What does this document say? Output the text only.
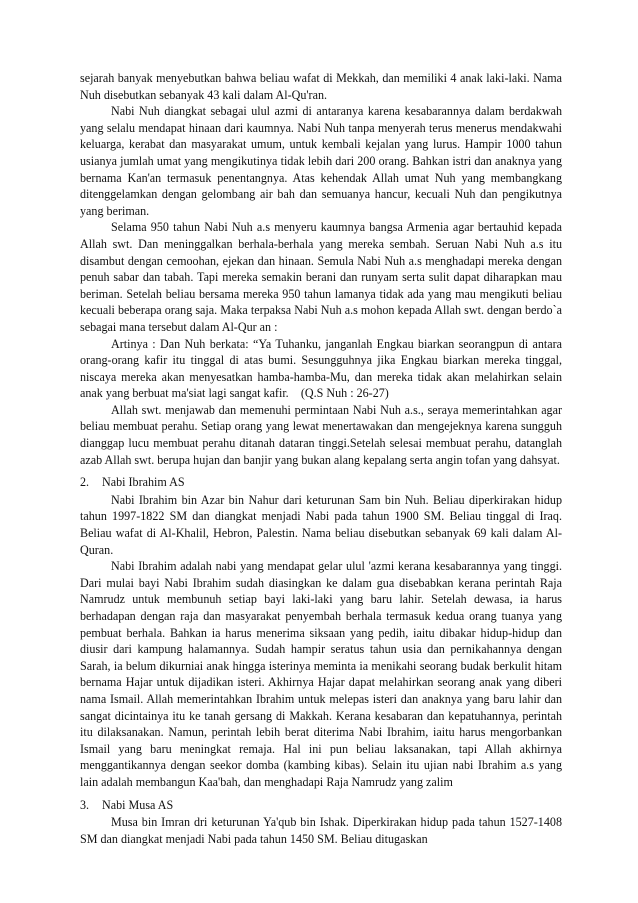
sejarah banyak menyebutkan bahwa beliau wafat di Mekkah, dan memiliki 4 anak laki-laki. Nama Nuh disebutkan sebanyak 43 kali dalam Al-Qu'ran.

Nabi Nuh diangkat sebagai ulul azmi di antaranya karena kesabarannya dalam berdakwah yang selalu mendapat hinaan dari kaumnya. Nabi Nuh tanpa menyerah terus menerus mendakwahi keluarga, kerabat dan masyarakat umum, untuk kembali kejalan yang lurus. Hampir 1000 tahun usianya jumlah umat yang mengikutinya tidak lebih dari 200 orang. Bahkan istri dan anaknya yang bernama Kan'an termasuk penentangnya. Atas kehendak Allah umat Nuh yang membangkang ditenggelamkan dengan gelombang air bah dan semuanya hancur, kecuali Nuh dan pengikutnya yang beriman.

Selama 950 tahun Nabi Nuh a.s menyeru kaumnya bangsa Armenia agar bertauhid kepada Allah swt. Dan meninggalkan berhala-berhala yang mereka sembah. Seruan Nabi Nuh a.s itu disambut dengan cemoohan, ejekan dan hinaan. Semula Nabi Nuh a.s menghadapi mereka dengan penuh sabar dan tabah. Tapi mereka semakin berani dan runyam serta sulit dapat diharapkan mau beriman. Setelah beliau bersama mereka 950 tahun lamanya tidak ada yang mau mengikuti beliau kecuali beberapa orang saja. Maka terpaksa Nabi Nuh a.s mohon kepada Allah swt. dengan berdo`a sebagai mana tersebut dalam Al-Qur an :

Artinya : Dan Nuh berkata: “Ya Tuhanku, janganlah Engkau biarkan seorangpun di antara orang-orang kafir itu tinggal di atas bumi. Sesungguhnya jika Engkau biarkan mereka tinggal, niscaya mereka akan menyesatkan hamba-hamba-Mu, dan mereka tidak akan melahirkan selain anak yang berbuat ma'siat lagi sangat kafir. (Q.S Nuh : 26-27)

Allah swt. menjawab dan memenuhi permintaan Nabi Nuh a.s., seraya memerintahkan agar beliau membuat perahu. Setiap orang yang lewat menertawakan dan mengejeknya karena sungguh dianggap lucu membuat perahu ditanah dataran tinggi.Setelah selesai membuat perahu, datanglah azab Allah swt. berupa hujan dan banjir yang bukan alang kepalang serta angin tofan yang dahsyat.

2. Nabi Ibrahim AS

Nabi Ibrahim bin Azar bin Nahur dari keturunan Sam bin Nuh. Beliau diperkirakan hidup tahun 1997-1822 SM dan diangkat menjadi Nabi pada tahun 1900 SM. Beliau tinggal di Iraq. Beliau wafat di Al-Khalil, Hebron, Palestin. Nama beliau disebutkan sebanyak 69 kali dalam Al-Quran.

Nabi Ibrahim adalah nabi yang mendapat gelar ulul 'azmi kerana kesabarannya yang tinggi. Dari mulai bayi Nabi Ibrahim sudah diasingkan ke dalam gua disebabkan kerana perintah Raja Namrudz untuk membunuh setiap bayi laki-laki yang baru lahir. Setelah dewasa, ia harus berhadapan dengan raja dan masyarakat penyembah berhala termasuk kedua orang tuanya yang pembuat berhala. Bahkan ia harus menerima siksaan yang pedih, iaitu dibakar hidup-hidup dan diusir dari kampung halamannya. Sudah hampir seratus tahun usia dan pernikahannya dengan Sarah, ia belum dikurniai anak hingga isterinya meminta ia menikahi seorang budak berkulit hitam bernama Hajar untuk dijadikan isteri. Akhirnya Hajar dapat melahirkan seorang anak yang diberi nama Ismail. Allah memerintahkan Ibrahim untuk melepas isteri dan anaknya yang baru lahir dan sangat dicintainya itu ke tanah gersang di Makkah. Kerana kesabaran dan kepatuhannya, perintah itu dilaksanakan. Namun, perintah lebih berat diterima Nabi Ibrahim, iaitu harus mengorbankan Ismail yang baru meningkat remaja. Hal ini pun beliau laksanakan, tapi Allah akhirnya menggantikannya dengan seekor domba (kambing kibas). Selain itu ujian nabi Ibrahim a.s yang lain adalah membangun Kaa'bah, dan menghadapi Raja Namrudz yang zalim

3. Nabi Musa AS

Musa bin Imran dri keturunan Ya'qub bin Ishak. Diperkirakan hidup pada tahun 1527-1408 SM dan diangkat menjadi Nabi pada tahun 1450 SM. Beliau ditugaskan
